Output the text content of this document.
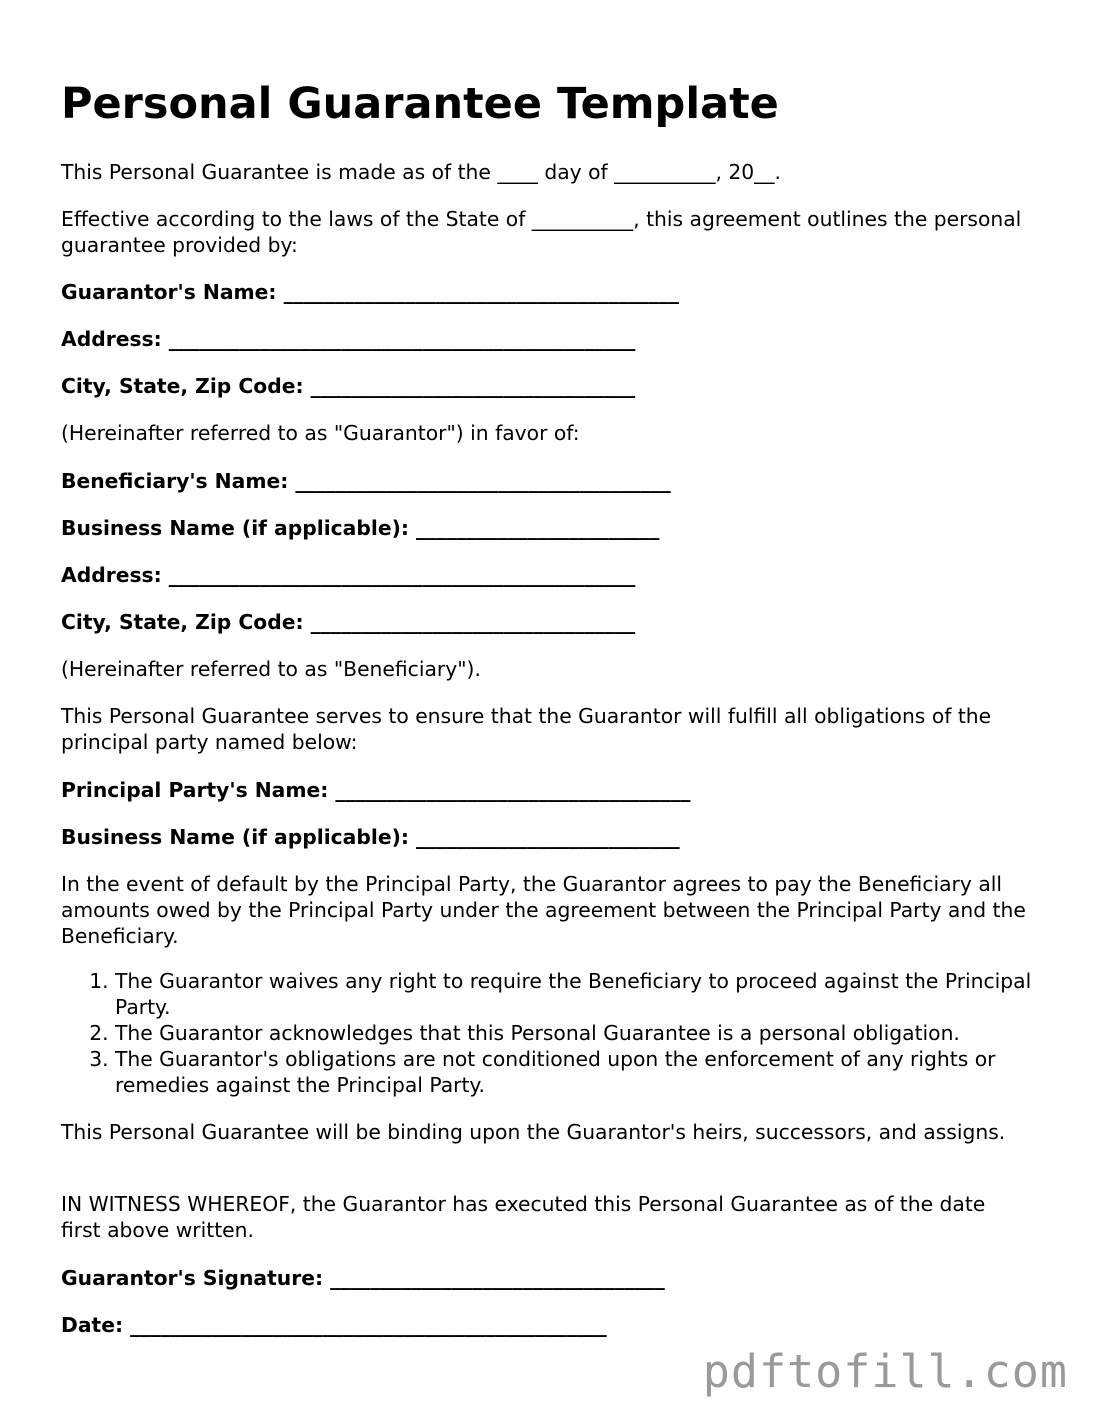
Personal Guarantee Template

This Personal Guarantee is made as of the ____ day of __________, 20__.

Effective according to the laws of the State of __________, this agreement outlines the personal guarantee provided by:

Guarantor's Name: _______________________________________

Address: ______________________________________________

City, State, Zip Code: ________________________________

(Hereinafter referred to as "Guarantor") in favor of:

Beneficiary's Name: _____________________________________

Business Name (if applicable): ________________________

Address: ______________________________________________

City, State, Zip Code: ________________________________

(Hereinafter referred to as "Beneficiary").

This Personal Guarantee serves to ensure that the Guarantor will fulfill all obligations of the principal party named below:

Principal Party's Name: ___________________________________

Business Name (if applicable): __________________________

In the event of default by the Principal Party, the Guarantor agrees to pay the Beneficiary all amounts owed by the Principal Party under the agreement between the Principal Party and the Beneficiary.

1. The Guarantor waives any right to require the Beneficiary to proceed against the Principal Party.
2. The Guarantor acknowledges that this Personal Guarantee is a personal obligation.
3. The Guarantor's obligations are not conditioned upon the enforcement of any rights or remedies against the Principal Party.

This Personal Guarantee will be binding upon the Guarantor's heirs, successors, and assigns.

IN WITNESS WHEREOF, the Guarantor has executed this Personal Guarantee as of the date first above written.

Guarantor's Signature: _________________________________

Date: _______________________________________________

pdftofill.com
